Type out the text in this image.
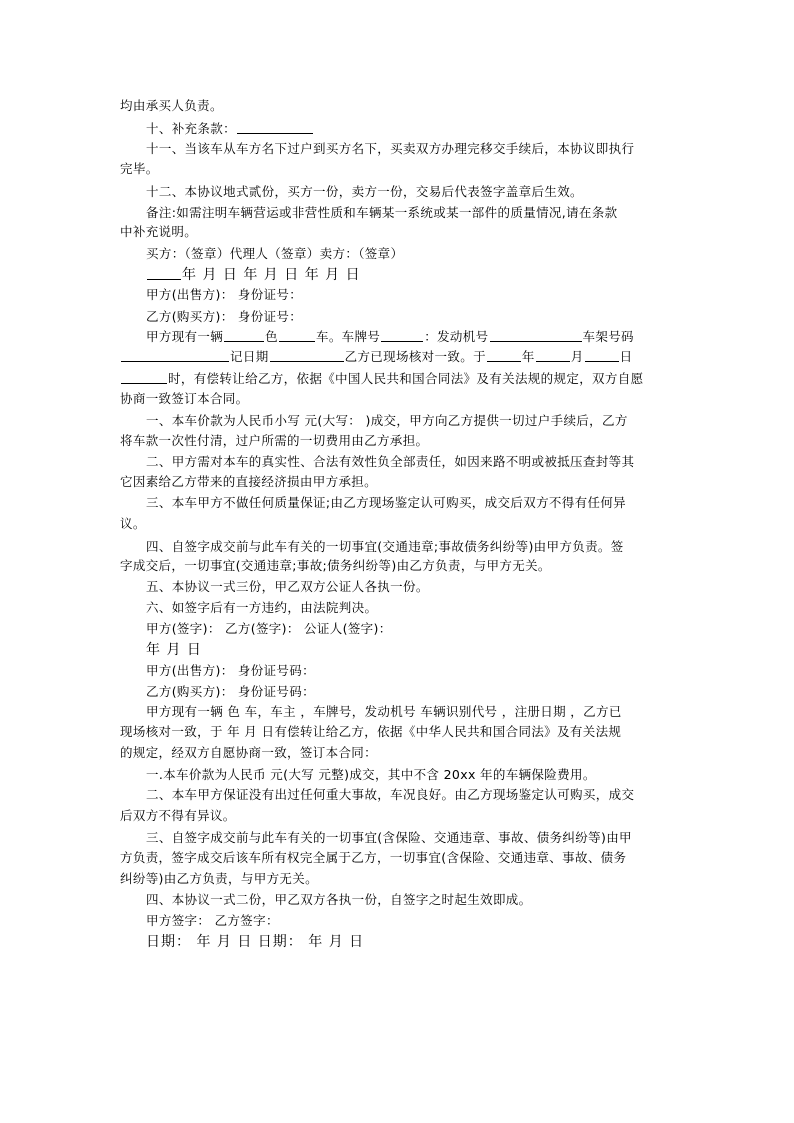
均由承买人负责。
十、补充条款：
十一、当该车从车方名下过户到买方名下，买卖双方办理完移交手续后，本协议即执行
完毕。
十二、本协议地式贰份，买方一份，卖方一份，交易后代表签字盖章后生效。
备注:如需注明车辆营运或非营性质和车辆某一系统或某一部件的质量情况,请在条款
中补充说明。
买方：（签章）代理人（签章）卖方：（签章）
年 月 日 年 月 日 年 月 日
甲方(出售方)： 身份证号：
乙方(购买方)： 身份证号：
甲方现有一辆	色	车。车牌号	：发动机号	车架号码
记日期	乙方已现场核对一致。于	年	月	日
时，有偿转让给乙方，依据《中国人民共和国合同法》及有关法规的规定，双方自愿
协商一致签订本合同。
一、本车价款为人民币小写 元(大写： )成交，甲方向乙方提供一切过户手续后，乙方
将车款一次性付清，过户所需的一切费用由乙方承担。
二、甲方需对本车的真实性、合法有效性负全部责任，如因来路不明或被抵压查封等其
它因素给乙方带来的直接经济损由甲方承担。
三、本车甲方不做任何质量保证;由乙方现场鉴定认可购买，成交后双方不得有任何异
议。
四、自签字成交前与此车有关的一切事宜(交通违章;事故债务纠纷等)由甲方负责。签
字成交后，一切事宜(交通违章;事故;债务纠纷等)由乙方负责，与甲方无关。
五、本协议一式三份，甲乙双方公证人各执一份。
六、如签字后有一方违约，由法院判决。
甲方(签字)： 乙方(签字)： 公证人(签字)：
年 月 日
甲方(出售方)： 身份证号码：
乙方(购买方)： 身份证号码：
甲方现有一辆 色 车，车主 ，车牌号，发动机号 车辆识别代号 ，注册日期 ，乙方已
现场核对一致，于 年 月 日有偿转让给乙方，依据《中华人民共和国合同法》及有关法规
的规定，经双方自愿协商一致，签订本合同：
一.本车价款为人民币 元(大写 元整)成交，其中不含 20xx 年的车辆保险费用。
二、本车甲方保证没有出过任何重大事故，车况良好。由乙方现场鉴定认可购买，成交
后双方不得有异议。
三、自签字成交前与此车有关的一切事宜(含保险、交通违章、事故、债务纠纷等)由甲
方负责，签字成交后该车所有权完全属于乙方，一切事宜(含保险、交通违章、事故、债务
纠纷等)由乙方负责，与甲方无关。
四、本协议一式二份，甲乙双方各执一份，自签字之时起生效即成。
甲方签字： 乙方签字：
日期： 年 月 日 日期： 年 月 日
